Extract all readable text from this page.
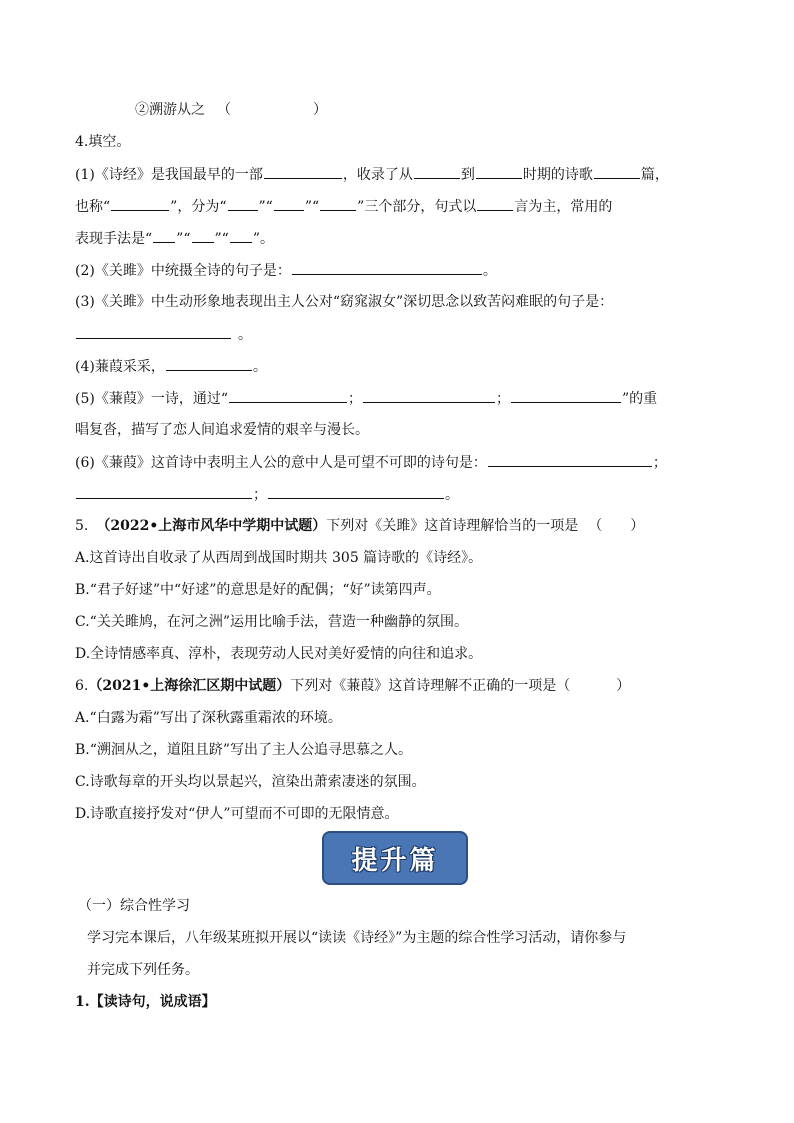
②溯游从之 （	）
4.填空。
(1)《诗经》是我国最早的一部	，收录了从	到	时期的诗歌	篇，
也称“	”，分为“ ”“ ”“	”三个部分，句式以	言为主，常用的
表现手法是“ ”“ ”“ ”。
(2)《关雎》中统摄全诗的句子是：	。
(3)《关雎》中生动形象地表现出主人公对“窈窕淑女”深切思念以致苦闷难眠的句子是：
。
(4)蒹葭采采，	。
(5)《蒹葭》一诗，通过“	；	；	”的重
唱复沓，描写了恋人间追求爱情的艰辛与漫长。
(6)《蒹葭》这首诗中表明主人公的意中人是可望不可即的诗句是：	；
；	。
5. （2022•上海市风华中学期中试题）下列对《关雎》这首诗理解恰当的一项是 （　　）
A.这首诗出自收录了从西周到战国时期共 305 篇诗歌的《诗经》。
B.“君子好逑”中“好逑”的意思是好的配偶；“好”读第四声。
C.“关关雎鸠，在河之洲”运用比喻手法，营造一种幽静的氛围。
D.全诗情感率真、淳朴，表现劳动人民对美好爱情的向往和追求。
6.（2021•上海徐汇区期中试题）下列对《蒹葭》这首诗理解不正确的一项是（	）
A.“白露为霜”写出了深秋露重霜浓的环境。
B.“溯洄从之，道阻且跻”写出了主人公追寻思慕之人。
C.诗歌每章的开头均以景起兴，渲染出萧索凄迷的氛围。
D.诗歌直接抒发对“伊人”可望而不可即的无限情意。
提升篇
（一）综合性学习
学习完本课后，八年级某班拟开展以“读读《诗经》”为主题的综合性学习活动，请你参与
并完成下列任务。
1.【读诗句，说成语】
